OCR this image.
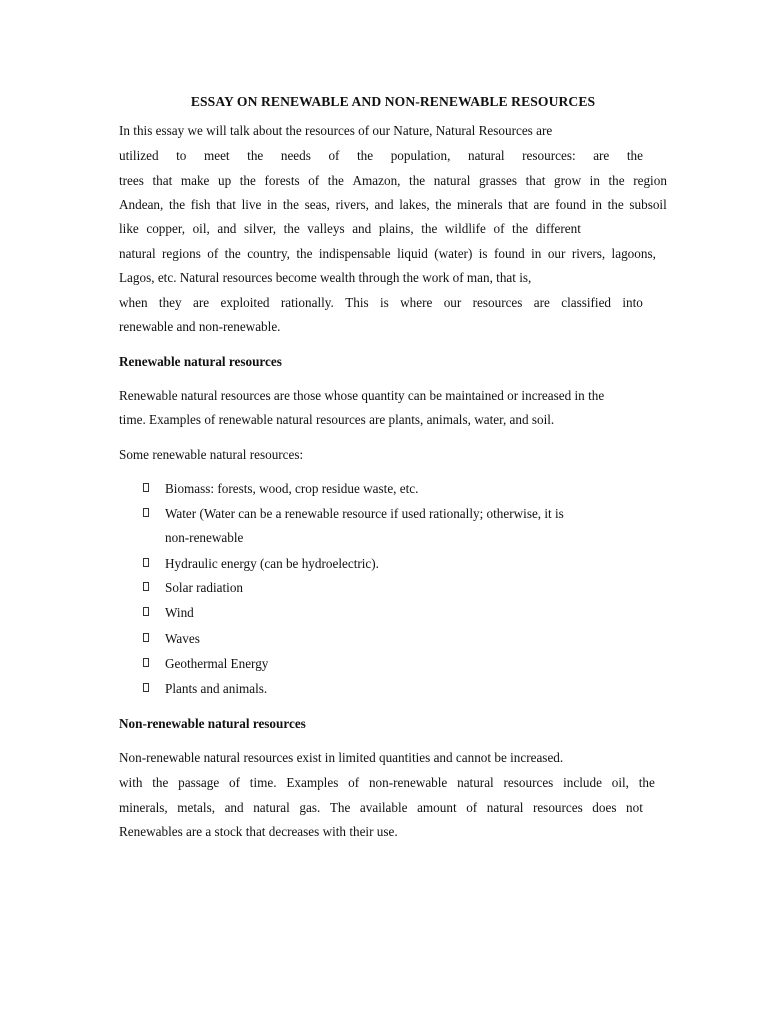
ESSAY ON RENEWABLE AND NON-RENEWABLE RESOURCES
In this essay we will talk about the resources of our Nature, Natural Resources are
utilized to meet the needs of the population, natural resources: are the
trees that make up the forests of the Amazon, the natural grasses that grow in the region
Andean, the fish that live in the seas, rivers, and lakes, the minerals that are found in the subsoil
like copper, oil, and silver, the valleys and plains, the wildlife of the different
natural regions of the country, the indispensable liquid (water) is found in our rivers, lagoons,
Lagos, etc. Natural resources become wealth through the work of man, that is,
when they are exploited rationally. This is where our resources are classified into
renewable and non-renewable.
Renewable natural resources
Renewable natural resources are those whose quantity can be maintained or increased in the
time. Examples of renewable natural resources are plants, animals, water, and soil.
Some renewable natural resources:
Biomass: forests, wood, crop residue waste, etc.
Water (Water can be a renewable resource if used rationally; otherwise, it is
non-renewable
Hydraulic energy (can be hydroelectric).
Solar radiation
Wind
Waves
Geothermal Energy
Plants and animals.
Non-renewable natural resources
Non-renewable natural resources exist in limited quantities and cannot be increased.
with the passage of time. Examples of non-renewable natural resources include oil, the
minerals, metals, and natural gas. The available amount of natural resources does not
Renewables are a stock that decreases with their use.
